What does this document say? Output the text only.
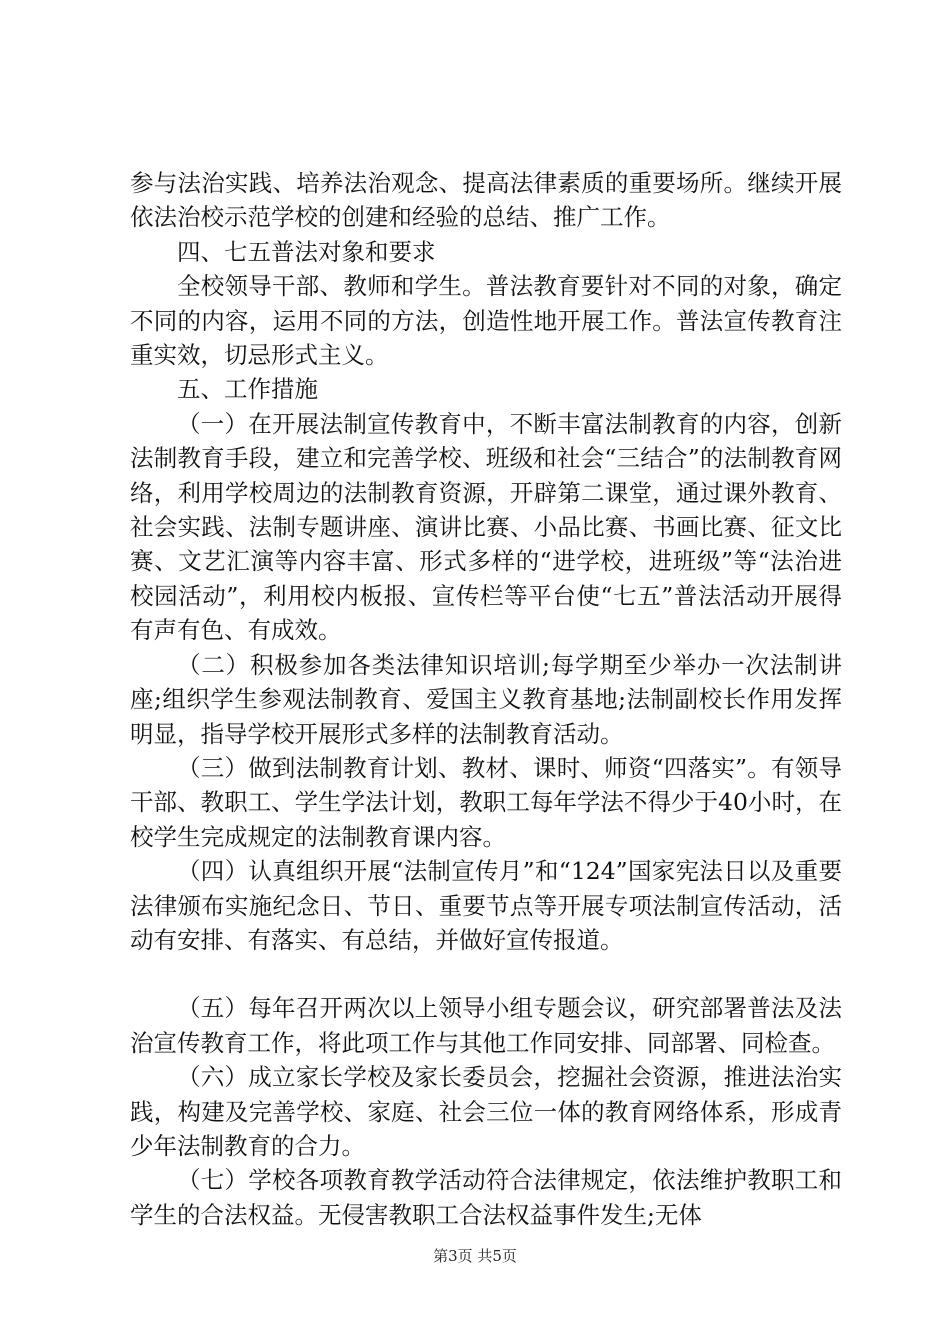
参与法治实践、培养法治观念、提高法律素质的重要场所。继续开展依法治校示范学校的创建和经验的总结、推广工作。

四、七五普法对象和要求

全校领导干部、教师和学生。普法教育要针对不同的对象，确定不同的内容，运用不同的方法，创造性地开展工作。普法宣传教育注重实效，切忌形式主义。

五、工作措施

（一）在开展法制宣传教育中，不断丰富法制教育的内容，创新法制教育手段，建立和完善学校、班级和社会“三结合”的法制教育网络，利用学校周边的法制教育资源，开辟第二课堂，通过课外教育、社会实践、法制专题讲座、演讲比赛、小品比赛、书画比赛、征文比赛、文艺汇演等内容丰富、形式多样的“进学校，进班级”等“法治进校园活动”，利用校内板报、宣传栏等平台使“七五”普法活动开展得有声有色、有成效。

（二）积极参加各类法律知识培训;每学期至少举办一次法制讲座;组织学生参观法制教育、爱国主义教育基地;法制副校长作用发挥明显，指导学校开展形式多样的法制教育活动。

（三）做到法制教育计划、教材、课时、师资“四落实”。有领导干部、教职工、学生学法计划，教职工每年学法不得少于40小时，在校学生完成规定的法制教育课内容。

（四）认真组织开展“法制宣传月”和“124”国家宪法日以及重要法律颁布实施纪念日、节日、重要节点等开展专项法制宣传活动，活动有安排、有落实、有总结，并做好宣传报道。

（五）每年召开两次以上领导小组专题会议，研究部署普法及法治宣传教育工作，将此项工作与其他工作同安排、同部署、同检查。

（六）成立家长学校及家长委员会，挖掘社会资源，推进法治实践，构建及完善学校、家庭、社会三位一体的教育网络体系，形成青少年法制教育的合力。

（七）学校各项教育教学活动符合法律规定，依法维护教职工和学生的合法权益。无侵害教职工合法权益事件发生;无体

第3页 共5页
